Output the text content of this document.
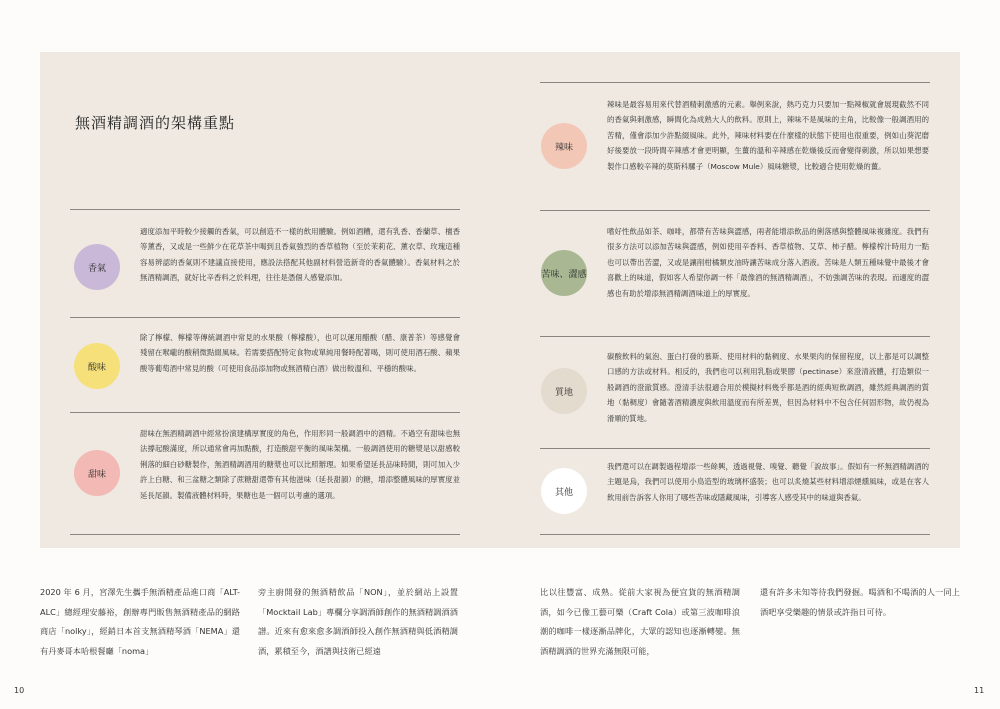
無酒精調酒的架構重點
香氣
適度添加平時較少接觸的香氣，可以創造不一樣的飲用體驗。例如酒糟，還有乳香、香蘭草、檀香等薰香，又或是一些鮮少在花草茶中喝到且香氣強烈的香草植物（至於茉莉花、薰衣草、玫瑰這種容易辨認的香氣則不建議直接使用，應設法搭配其他副材料營造新奇的香氣體驗）。香氣材料之於無酒精調酒，就好比辛香料之於料理，往往是憑個人感覺添加。
酸味
除了檸檬、檸檬等傳統調酒中常見的水果酸（檸檬酸），也可以運用醋酸（醋、康普茶）等感覺會殘留在喉嚨的酸稍微點綴風味。若需要搭配特定食物或單純用餐時配著喝，則可使用酒石酸、蘋果酸等葡萄酒中常見的酸（可使用食品添加物或無酒精白酒）做出較溫和、平穩的酸味。
甜味
甜味在無酒精調酒中經常扮演建構厚實度的角色，作用形同一般調酒中的酒精。不過空有甜味也無法撐起酸滿度，所以通常會再加點酸，打造酸甜平衡的風味架構。一般調酒使用的糖漿是以甜感較俐落的細白砂糖製作，無酒精調酒用的糖漿也可以比照辦理。如果希望延長品味時間，則可加入少許上白糖、和三盆糖之類除了蔗糖甜還帶有其他滋味（延長甜韻）的糖，增添整體風味的厚實度並延長尾韻。製備液體材料時，果糖也是一個可以考慮的選項。
辣味
辣味是最容易用來代替酒精刺激感的元素。舉例來說，熱巧克力只要加一點辣椒就會展現截然不同的香氣與刺激感，瞬間化為成熟大人的飲料。原則上，辣味不是風味的主角，比較像一般調酒用的苦精，僅會添加少許點綴風味。此外，辣味材料要在什麼樣的狀態下使用也很重要，例如山葵泥磨好後要放一段時間辛辣感才會更明顯，生薑的溫和辛辣感在乾燥後反而會變得刺激，所以如果想要製作口感較辛辣的莫斯科騾子（Moscow Mule）風味糖漿，比較適合使用乾燥的薑。
苦味、澀感
嗜好性飲品如茶、咖啡，都帶有苦味與澀感，兩者能增添飲品的俐落感與整體風味複雜度。我們有很多方法可以添加苦味與澀感，例如使用辛香料、香草植物、艾草、柿子醋。檸檬榨汁時用力一點也可以帶出苦澀，又或是讓削柑橘類皮油時讓苦味成分落入酒液。苦味是人類五種味覺中最後才會喜歡上的味道，假如客人希望你調一杯「最像酒的無酒精調酒」，不妨強調苦味的表現。而適度的澀感也有助於增添無酒精調酒味道上的厚實度。
質地
碳酸飲料的氣泡、蛋白打發的慕斯、使用材料的黏稠度、水果果肉的保留程度，以上都是可以調整口感的方法或材料。相反的，我們也可以利用乳脂或果膠（pectinase）來澄清液體，打造類似一般調酒的澄澈質感。澄清手法很適合用於模擬材料幾乎都是酒的經典短飲調酒，雖然經典調酒的質地（黏稠度）會隨著酒精濃度與飲用溫度而有所差異，但因為材料中不包含任何固形物，故仍視為滑順的質地。
其他
我們還可以在調製過程增添一些餘興，透過視覺、嗅覺、聽覺「說故事」。假如有一杯無酒精調酒的主題是烏，我們可以使用小鳥造型的玻璃杯盛裝；也可以炙燒某些材料增添煙燻風味，或是在客人飲用前告訴客人你用了哪些苦味或隱藏風味，引導客人感受其中的味道與香氣。
2020 年 6 月，宮澤先生攜手無酒精產品進口商「ALT-ALC」總經理安藤裕，創辦專門販售無酒精產品的網路商店「nolky」，經銷日本首支無酒精琴酒「NEMA」還有丹麥哥本哈根餐廳「noma」
旁主廚開發的無酒精飲品「NON」，並於網站上設置「Mocktail Lab」專欄分享調酒師創作的無酒精調酒酒譜。近來有愈來愈多調酒師投入創作無酒精與低酒精調酒，累積至今，酒譜與技術已經遠
比以往豐富、成熟。從前大家視為便宜貨的無酒精調酒，如今已像工藝可樂（Craft Cola）或第三波咖啡浪潮的咖啡一樣逐漸品牌化，大眾的認知也逐漸轉變。無酒精調酒的世界充滿無限可能，
還有許多未知等待我們發掘。喝酒和不喝酒的人一同上酒吧享受樂趣的情景或許指日可待。
10	11
